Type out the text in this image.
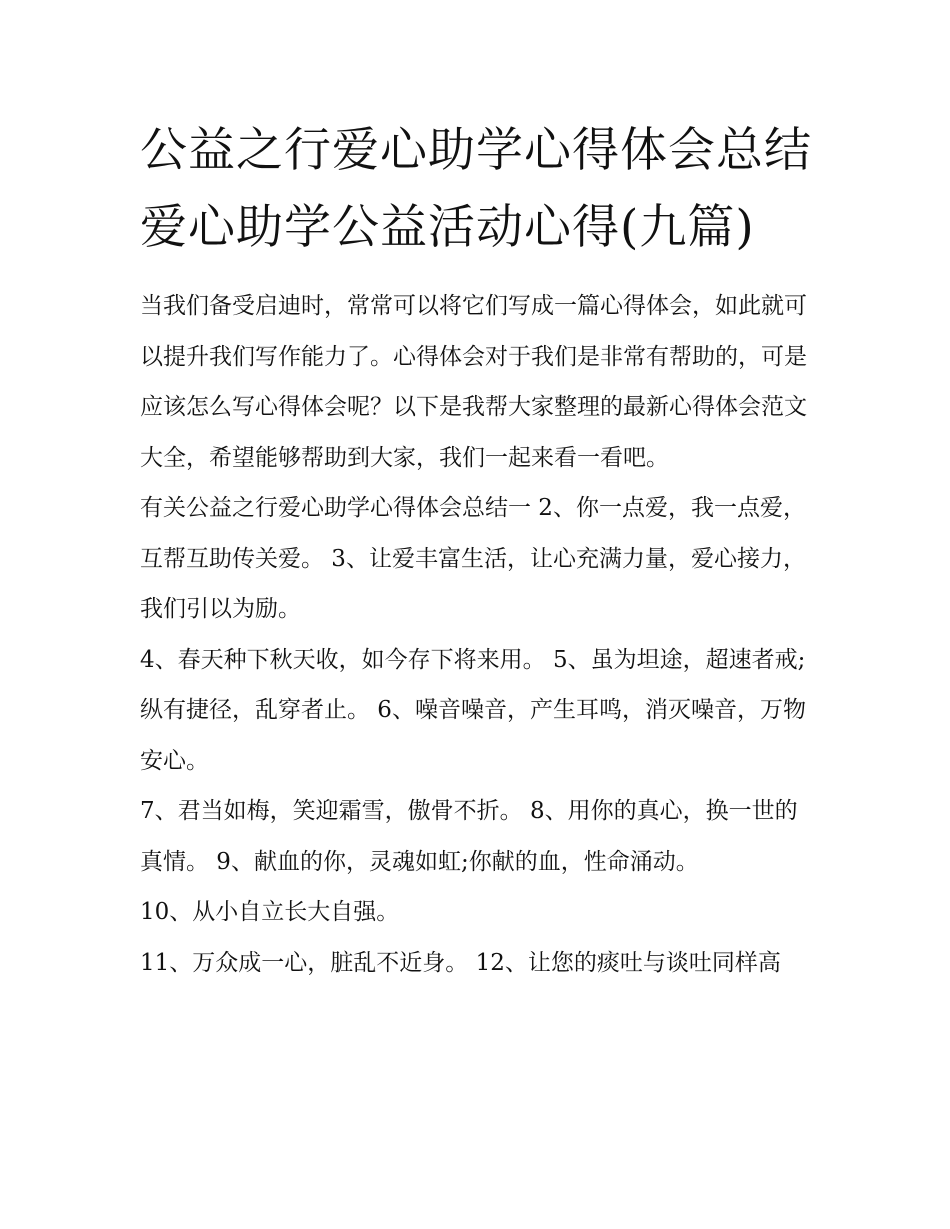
公益之行爱心助学心得体会总结 爱心助学公益活动心得(九篇)

当我们备受启迪时，常常可以将它们写成一篇心得体会，如此就可以提升我们写作能力了。心得体会对于我们是非常有帮助的，可是应该怎么写心得体会呢？以下是我帮大家整理的最新心得体会范文大全，希望能够帮助到大家，我们一起来看一看吧。

有关公益之行爱心助学心得体会总结一 2、你一点爱，我一点爱，互帮互助传关爱。 3、让爱丰富生活，让心充满力量，爱心接力，我们引以为励。

4、春天种下秋天收，如今存下将来用。 5、虽为坦途，超速者戒;纵有捷径，乱穿者止。 6、噪音噪音，产生耳鸣，消灭噪音，万物安心。

7、君当如梅，笑迎霜雪，傲骨不折。 8、用你的真心，换一世的真情。 9、献血的你，灵魂如虹;你献的血，性命涌动。

10、从小自立长大自强。

11、万众成一心，脏乱不近身。 12、让您的痰吐与谈吐同样高
